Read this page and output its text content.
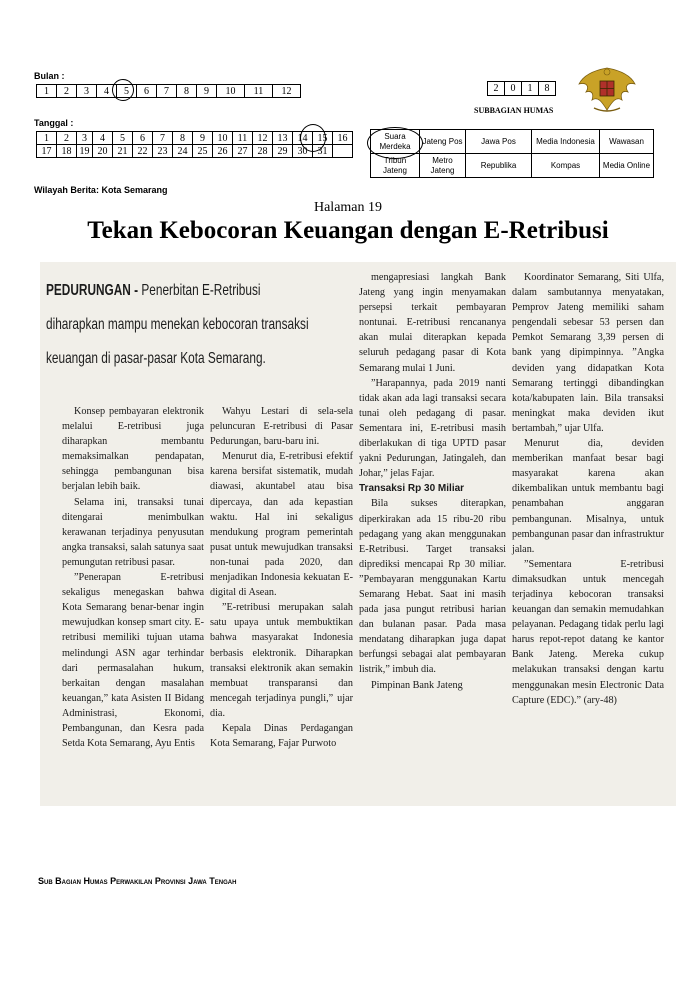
Bulan :
1	2	3	4	5	6	7	8	9	10	11	12
Tanggal :
1	2	3	4	5	6	7	8	9	10	11	12	13	14	15	16
17	18	19	20	21	22	23	24	25	26	27	28	29	30	31	
2	0	1	8
SUBBAGIAN HUMAS
Suara Merdeka	Jateng Pos	Jawa Pos	Media Indonesia	Wawasan
Tribun Jateng	Metro Jateng	Republika	Kompas	Media Online
Wilayah Berita: Kota Semarang
Halaman 19
Tekan Kebocoran Keuangan dengan E-Retribusi
PEDURUNGAN - Penerbitan E-Retribusi
diharapkan mampu menekan kebocoran transaksi
keuangan di pasar-pasar Kota Semarang.

Konsep pembayaran elektronik melalui E-retribusi juga diharapkan membantu memaksimalkan pendapatan, sehingga pembangunan bisa berjalan lebih baik.

Selama ini, transaksi tunai ditengarai menimbulkan kerawanan terjadinya penyusutan angka transaksi, salah satunya saat pemungutan retribusi pasar.

”Penerapan E-retribusi sekaligus menegaskan bahwa Kota Semarang benar-benar ingin mewujudkan konsep smart city. E-retribusi memiliki tujuan utama melindungi ASN agar terhindar dari permasalahan hukum, berkaitan dengan masalahan keuangan,” kata Asisten II Bidang Administrasi, Ekonomi, Pembangunan, dan Kesra pada Setda Kota Semarang, Ayu Entis

Wahyu Lestari di sela-sela peluncuran E-retribusi di Pasar Pedurungan, baru-baru ini.

Menurut dia, E-retribusi efektif karena bersifat sistematik, mudah diawasi, akuntabel atau bisa dipercaya, dan ada kepastian waktu. Hal ini sekaligus mendukung program pemerintah pusat untuk mewujudkan transaksi non-tunai pada 2020, dan menjadikan Indonesia kekuatan E-digital di Asean.

”E-retribusi merupakan salah satu upaya untuk membuktikan bahwa masyarakat Indonesia berbasis elektronik. Diharapkan transaksi elektronik akan semakin membuat transparansi dan mencegah terjadinya pungli,” ujar dia.

Kepala Dinas Perdagangan Kota Semarang, Fajar Purwoto

mengapresiasi langkah Bank Jateng yang ingin menyamakan persepsi terkait pembayaran nontunai. E-retribusi rencananya akan mulai diterapkan kepada seluruh pedagang pasar di Kota Semarang mulai 1 Juni.

”Harapannya, pada 2019 nanti tidak akan ada lagi transaksi secara tunai oleh pedagang di pasar. Sementara ini, E-retribusi masih diberlakukan di tiga UPTD pasar yakni Pedurungan, Jatingaleh, dan Johar,” jelas Fajar.

Transaksi Rp 30 Miliar

Bila sukses diterapkan, diperkirakan ada 15 ribu-20 ribu pedagang yang akan menggunakan E-Retribusi. Target transaksi diprediksi mencapai Rp 30 miliar. ”Pembayaran menggunakan Kartu Semarang Hebat. Saat ini masih pada jasa pungut retribusi harian dan bulanan pasar. Pada masa mendatang diharapkan juga dapat berfungsi sebagai alat pembayaran listrik,” imbuh dia.

Pimpinan Bank Jateng

Koordinator Semarang, Siti Ulfa, dalam sambutannya menyatakan, Pemprov Jateng memiliki saham pengendali sebesar 53 persen dan Pemkot Semarang 3,39 persen di bank yang dipimpinnya. ”Angka deviden yang didapatkan Kota Semarang tertinggi dibandingkan kota/kabupaten lain. Bila transaksi meningkat maka deviden ikut bertambah,” ujar Ulfa.

Menurut dia, deviden memberikan manfaat besar bagi masyarakat karena akan dikembalikan untuk membantu bagi penambahan anggaran pembangunan. Misalnya, untuk pembangunan pasar dan infrastruktur jalan.

”Sementara E-retribusi dimaksudkan untuk mencegah terjadinya kebocoran transaksi keuangan dan semakin memudahkan pelayanan. Pedagang tidak perlu lagi harus repot-repot datang ke kantor Bank Jateng. Mereka cukup melakukan transaksi dengan kartu menggunakan mesin Electronic Data Capture (EDC).” (ary-48)

Sub Bagian Humas Perwakilan Provinsi Jawa Tengah
